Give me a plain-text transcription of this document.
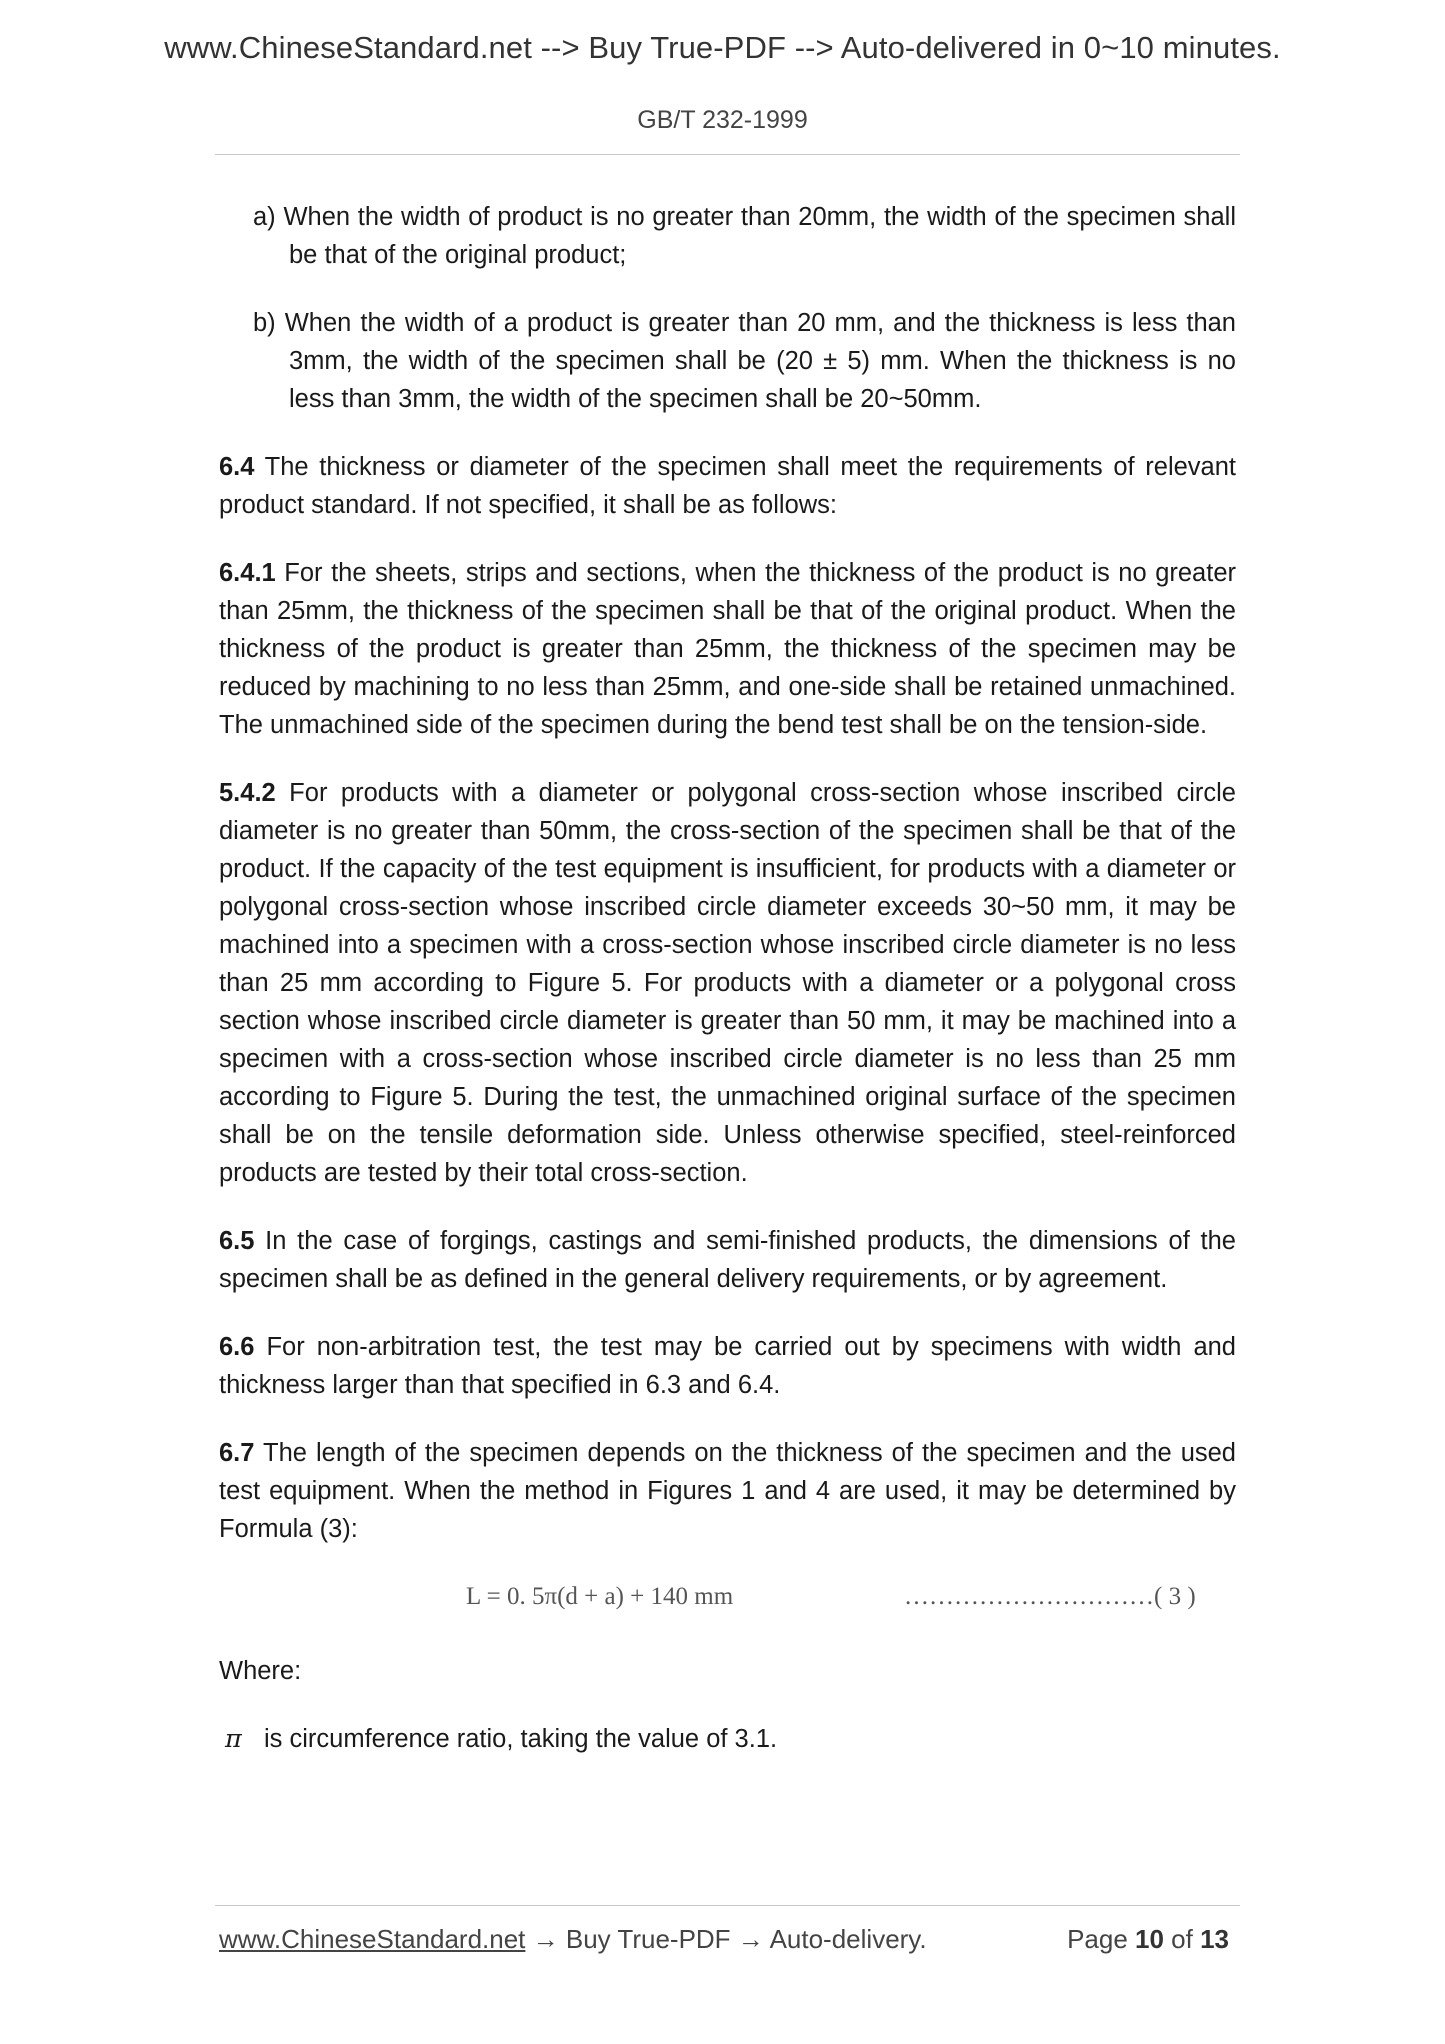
www.ChineseStandard.net --> Buy True-PDF --> Auto-delivered in 0~10 minutes.
GB/T 232-1999
a) When the width of product is no greater than 20mm, the width of the specimen shall be that of the original product;
b) When the width of a product is greater than 20 mm, and the thickness is less than 3mm, the width of the specimen shall be (20 ± 5) mm. When the thickness is no less than 3mm, the width of the specimen shall be 20~50mm.

6.4 The thickness or diameter of the specimen shall meet the requirements of relevant product standard. If not specified, it shall be as follows:

6.4.1 For the sheets, strips and sections, when the thickness of the product is no greater than 25mm, the thickness of the specimen shall be that of the original product. When the thickness of the product is greater than 25mm, the thickness of the specimen may be reduced by machining to no less than 25mm, and one-side shall be retained unmachined. The unmachined side of the specimen during the bend test shall be on the tension-side.

5.4.2 For products with a diameter or polygonal cross-section whose inscribed circle diameter is no greater than 50mm, the cross-section of the specimen shall be that of the product. If the capacity of the test equipment is insufficient, for products with a diameter or polygonal cross-section whose inscribed circle diameter exceeds 30~50 mm, it may be machined into a specimen with a cross-section whose inscribed circle diameter is no less than 25 mm according to Figure 5. For products with a diameter or a polygonal cross section whose inscribed circle diameter is greater than 50 mm, it may be machined into a specimen with a cross-section whose inscribed circle diameter is no less than 25 mm according to Figure 5. During the test, the unmachined original surface of the specimen shall be on the tensile deformation side. Unless otherwise specified, steel-reinforced products are tested by their total cross-section.

6.5 In the case of forgings, castings and semi-finished products, the dimensions of the specimen shall be as defined in the general delivery requirements, or by agreement.

6.6 For non-arbitration test, the test may be carried out by specimens with width and thickness larger than that specified in 6.3 and 6.4.

6.7 The length of the specimen depends on the thickness of the specimen and the used test equipment. When the method in Figures 1 and 4 are used, it may be determined by Formula (3):

L = 0. 5π(d + a) + 140 mm	…………………………( 3 )

Where:

π is circumference ratio, taking the value of 3.1.
www.ChineseStandard.net → Buy True-PDF → Auto-delivery.	Page 10 of 13
